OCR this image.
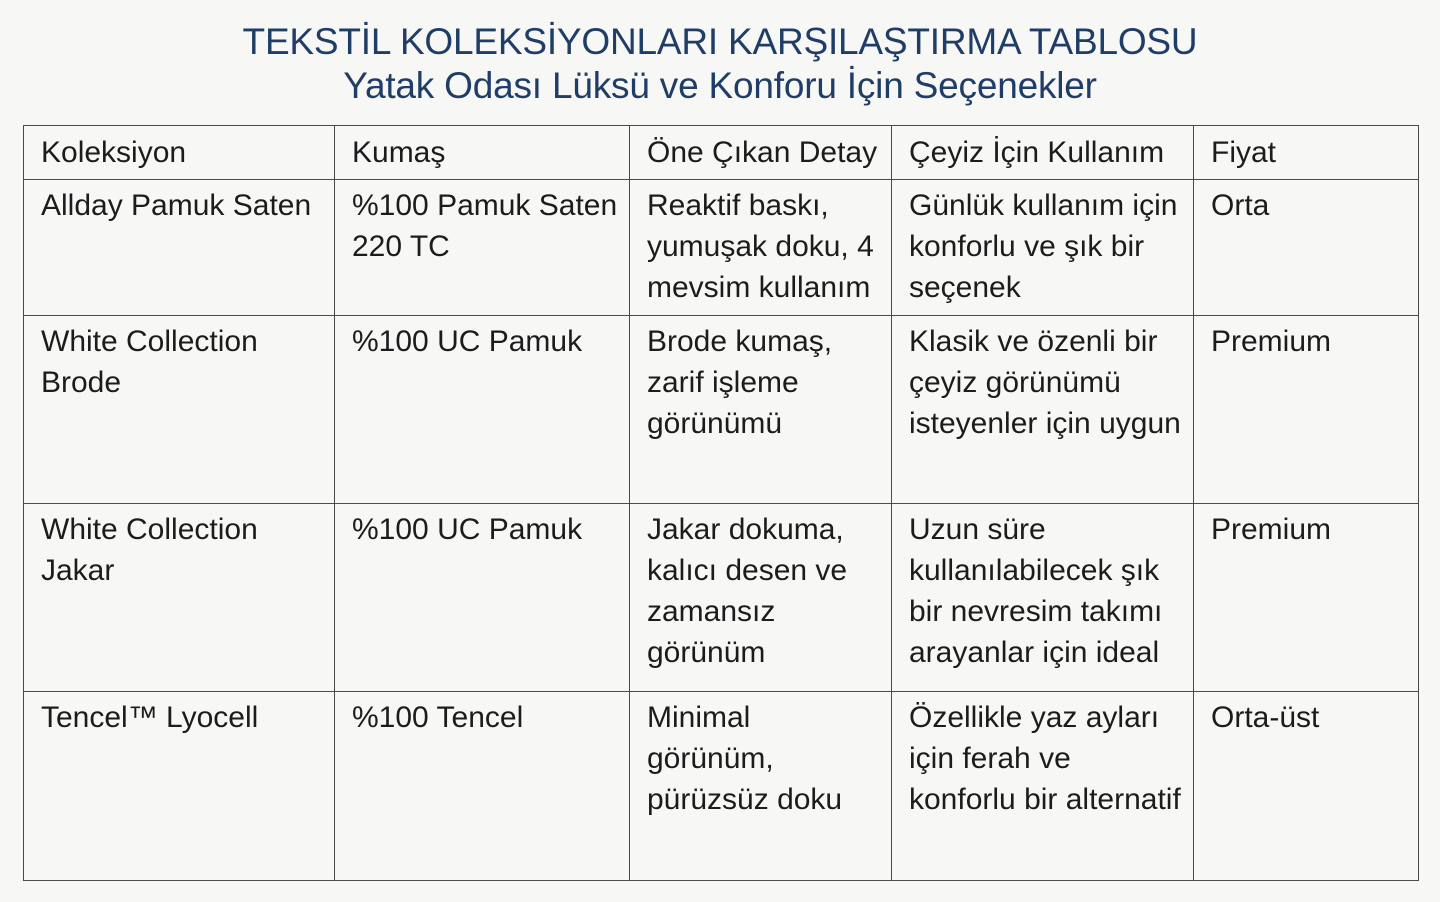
TEKSTİL KOLEKSİYONLARI KARŞILAŞTIRMA TABLOSU
Yatak Odası Lüksü ve Konforu İçin Seçenekler
Koleksiyon	Kumaş	Öne Çıkan Detay	Çeyiz İçin Kullanım	Fiyat
Allday Pamuk Saten	%100 Pamuk Saten 220 TC	Reaktif baskı, yumuşak doku, 4 mevsim kullanım	Günlük kullanım için konforlu ve şık bir seçenek	Orta
White Collection Brode	%100 UC Pamuk	Brode kumaş, zarif işleme görünümü	Klasik ve özenli bir çeyiz görünümü isteyenler için uygun	Premium
White Collection Jakar	%100 UC Pamuk	Jakar dokuma, kalıcı desen ve zamansız görünüm	Uzun süre kullanılabilecek şık bir nevresim takımı arayanlar için ideal	Premium
Tencel™ Lyocell	%100 Tencel	Minimal görünüm, pürüzsüz doku	Özellikle yaz ayları için ferah ve konforlu bir alternatif	Orta-üst
